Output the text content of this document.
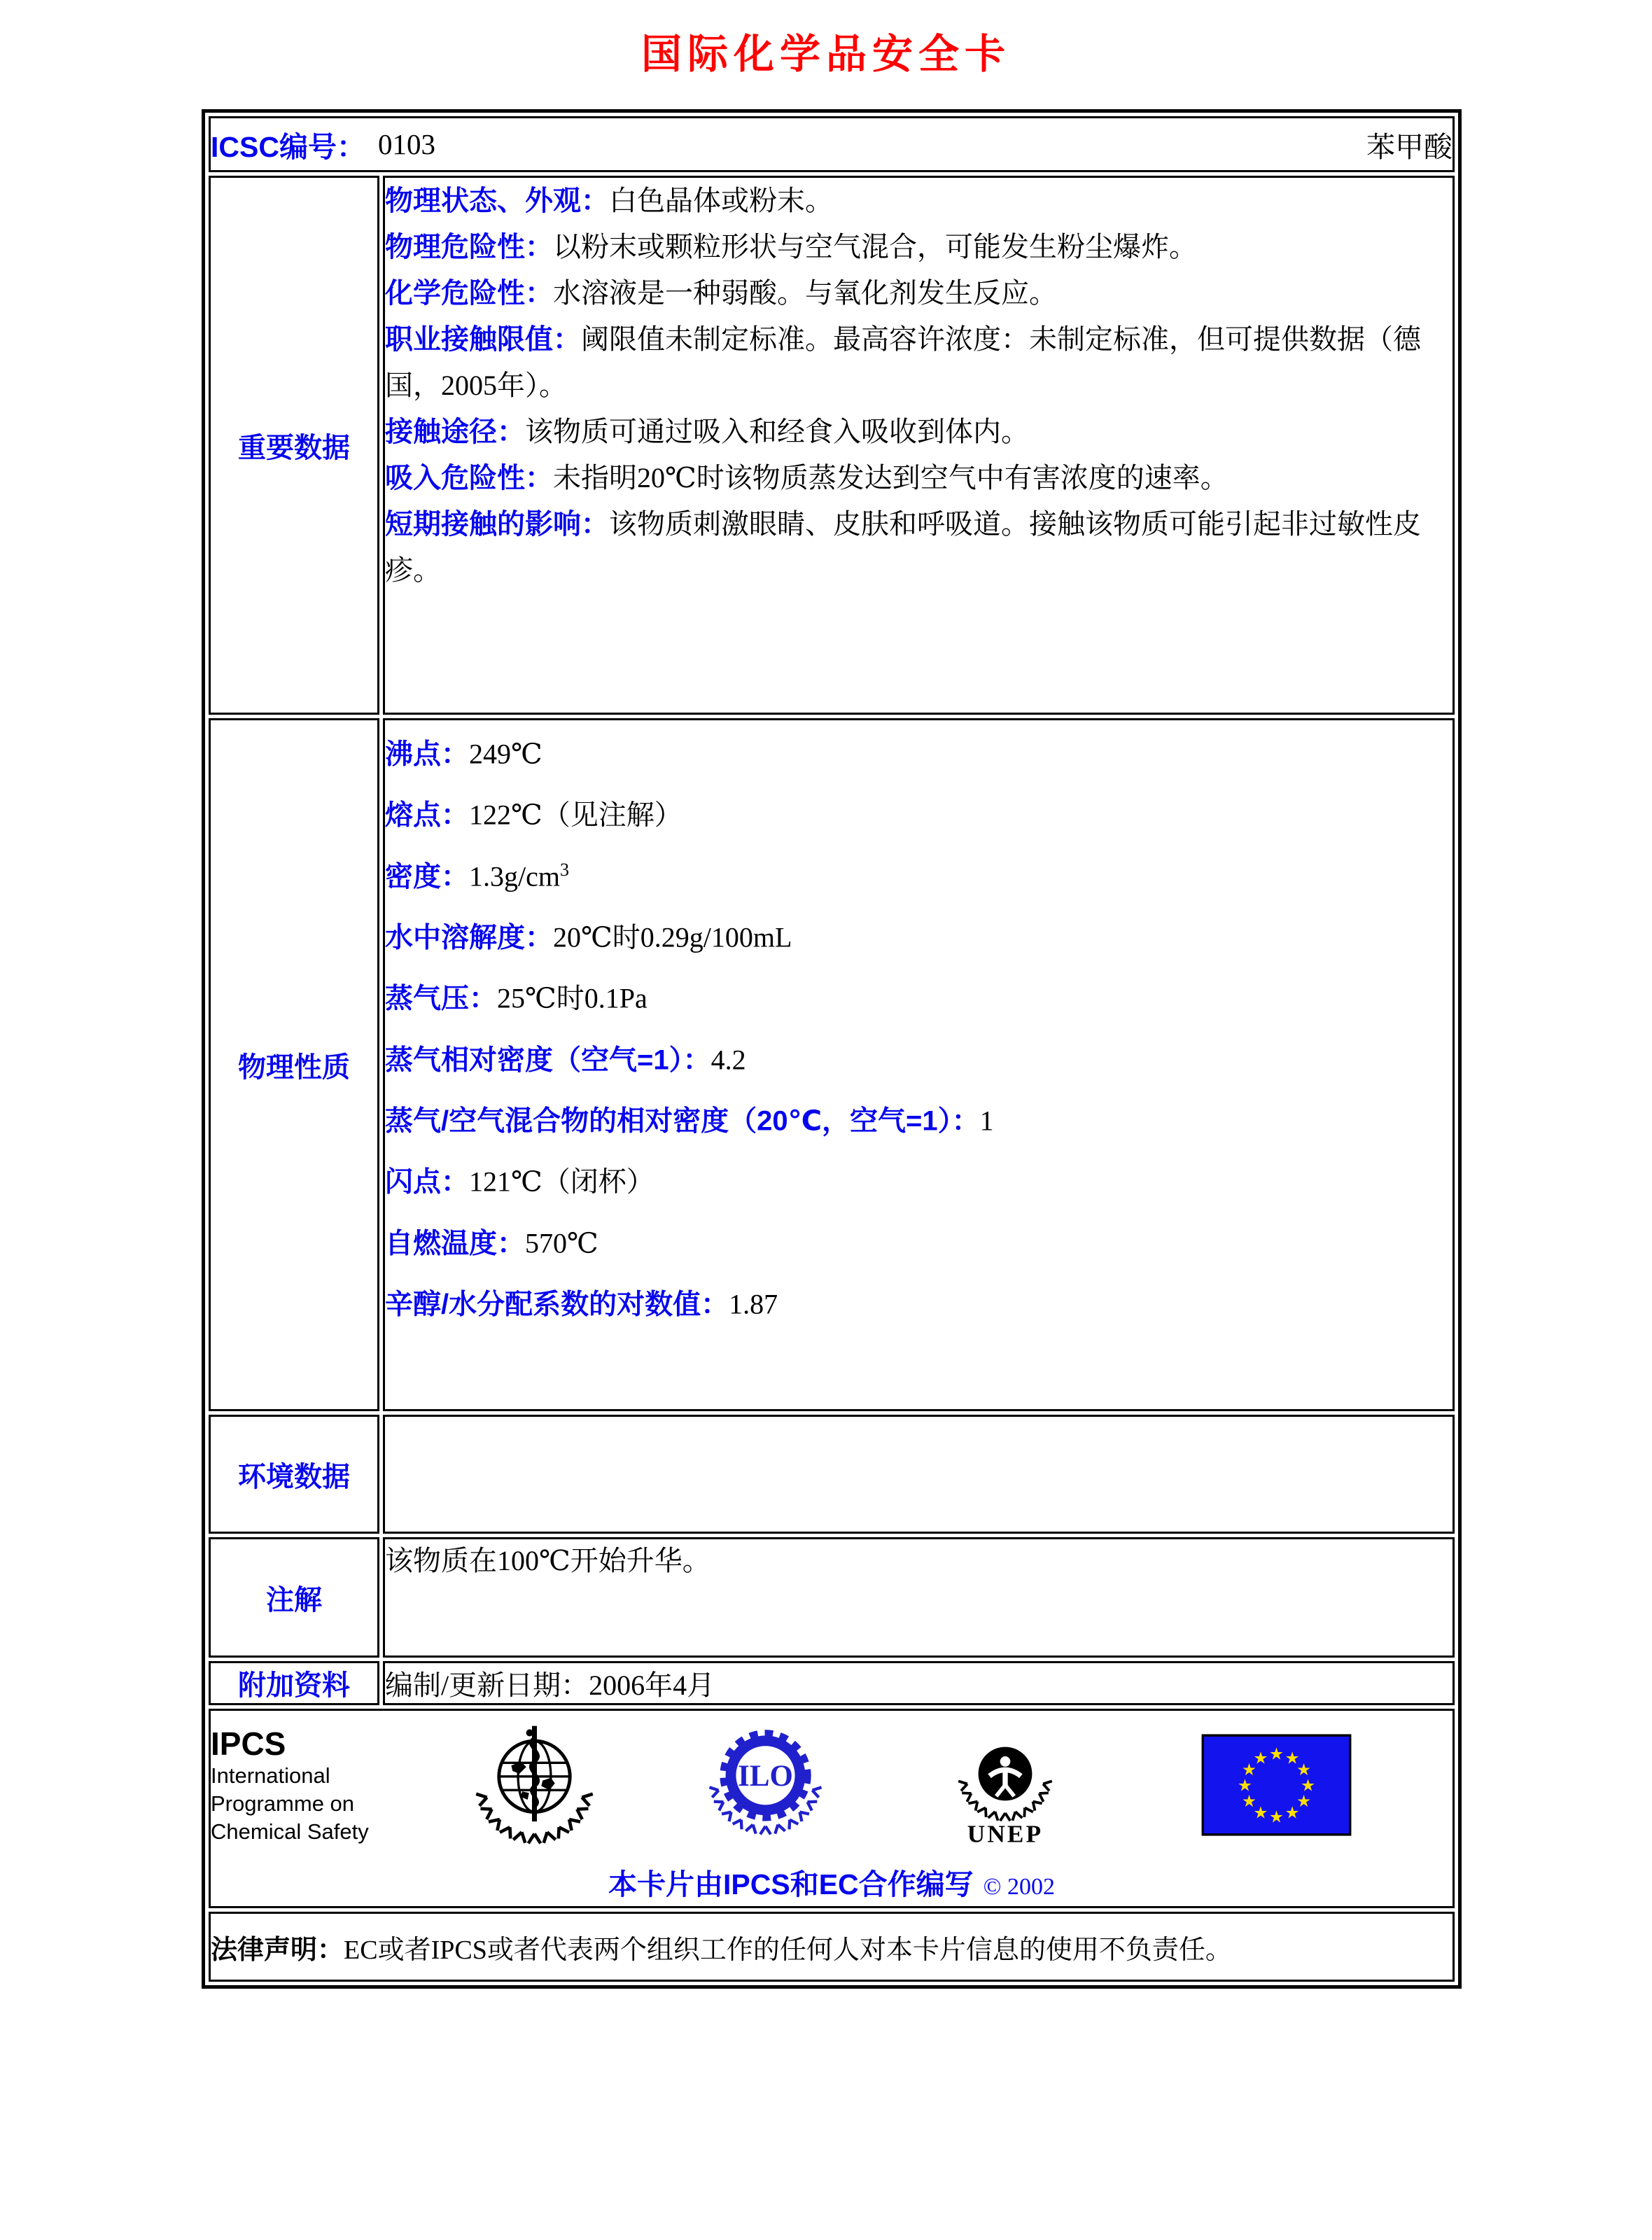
国际化学品安全卡
ICSC编号： 0103 苯甲酸	

重要数据	

物理状态、外观：白色晶体或粉末。

物理危险性：以粉末或颗粒形状与空气混合，可能发生粉尘爆炸。

化学危险性：水溶液是一种弱酸。与氧化剂发生反应。

职业接触限值：阈限值未制定标准。最高容许浓度：未制定标准，但可提供数据（德国，2005年）。

接触途径：该物质可通过吸入和经食入吸收到体内。

吸入危险性：未指明20℃时该物质蒸发达到空气中有害浓度的速率。

短期接触的影响：该物质刺激眼睛、皮肤和呼吸道。接触该物质可能引起非过敏性皮疹。

物理性质	
沸点：249℃
熔点：122℃（见注解）
密度：$1.3g/cm^3$
水中溶解度：20℃时0.29g/100mL
蒸气压：25℃时0.1Pa
蒸气相对密度（空气=1）：4.2
蒸气/空气混合物的相对密度（20℃，空气=1）：1
闪点：121℃（闭杯）
自燃温度：570℃
辛醇/水分配系数的对数值：1.87

环境数据	
注解	该物质在100℃开始升华。

附加资料	编制/更新日期：2006年4月

IPCS
International
Programme on
Chemical Safety
ILO
UNEP
★ ★
★
★
★
★
★
★
★
★
★
★
本卡片由IPCS和EC合作编写 © 2002

法律声明：EC或者IPCS或者代表两个组织工作的任何人对本卡片信息的使用不负责任。	
